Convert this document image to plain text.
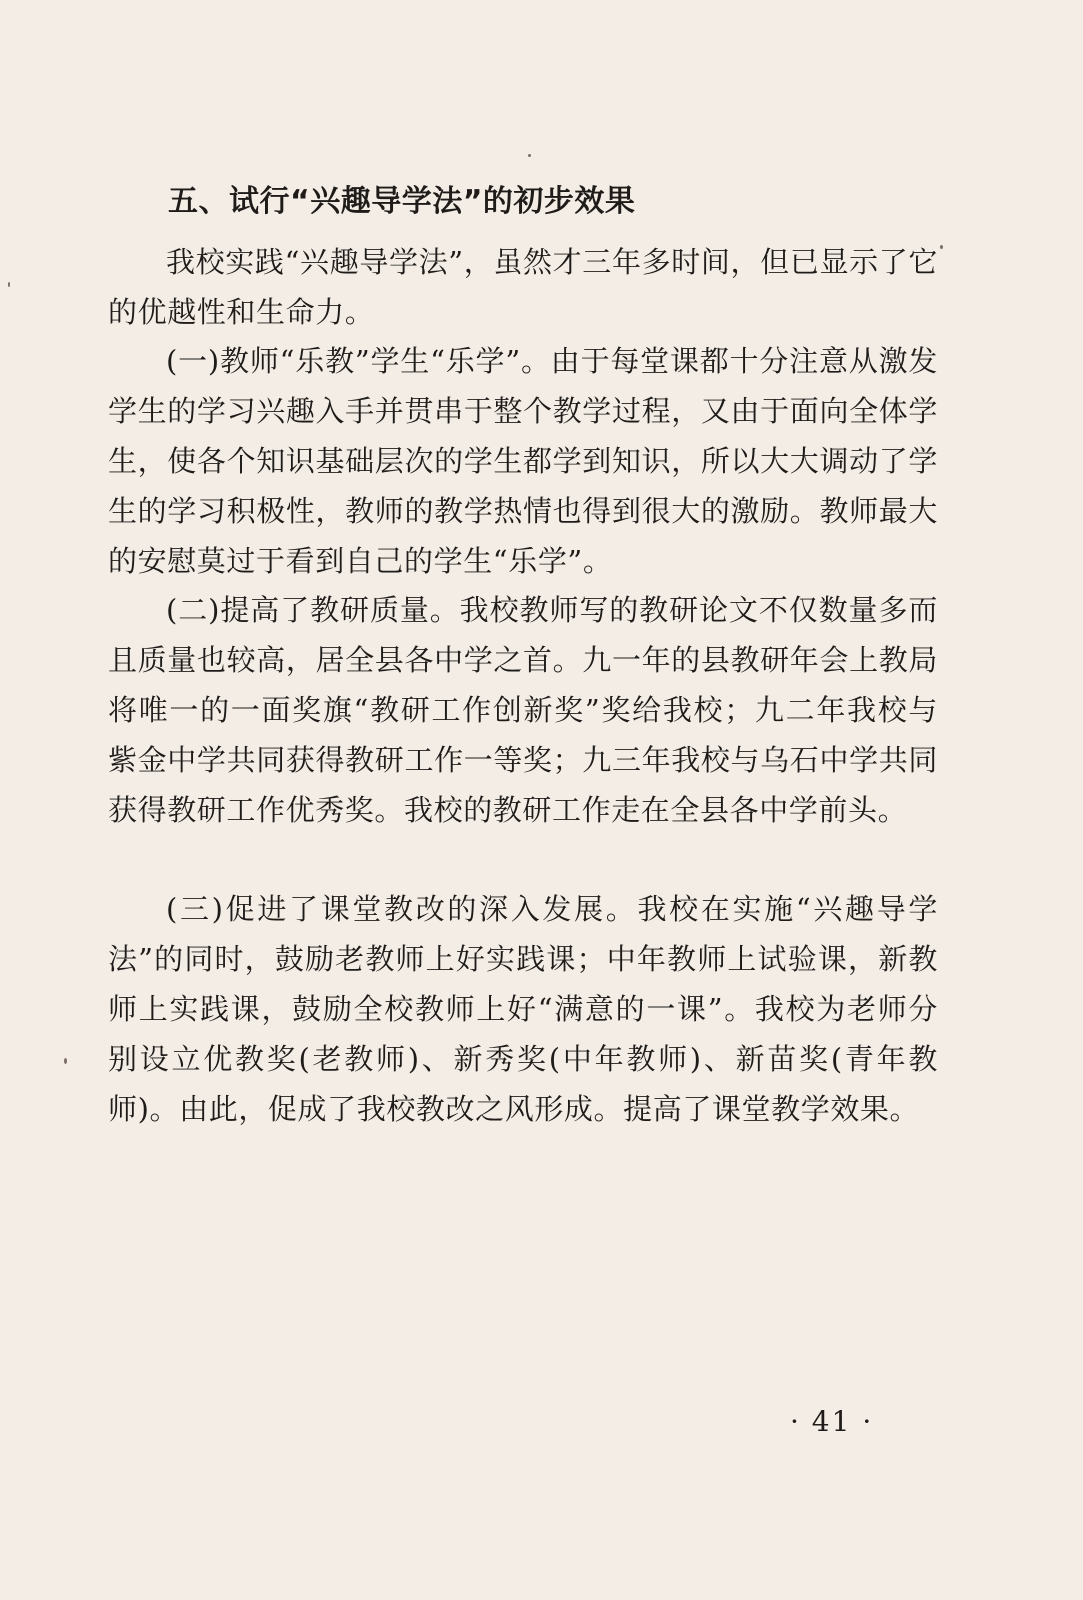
五、试行“兴趣导学法”的初步效果

我校实践“兴趣导学法”，虽然才三年多时间，但已显示了它的优越性和生命力。

(一)教师“乐教”学生“乐学”。由于每堂课都十分注意从激发学生的学习兴趣入手并贯串于整个教学过程，又由于面向全体学生，使各个知识基础层次的学生都学到知识，所以大大调动了学生的学习积极性，教师的教学热情也得到很大的激励。教师最大的安慰莫过于看到自己的学生“乐学”。

(二)提高了教研质量。我校教师写的教研论文不仅数量多而且质量也较高，居全县各中学之首。九一年的县教研年会上教局将唯一的一面奖旗“教研工作创新奖”奖给我校；九二年我校与紫金中学共同获得教研工作一等奖；九三年我校与乌石中学共同获得教研工作优秀奖。我校的教研工作走在全县各中学前头。

(三)促进了课堂教改的深入发展。我校在实施“兴趣导学法”的同时，鼓励老教师上好实践课；中年教师上试验课，新教师上实践课，鼓励全校教师上好“满意的一课”。我校为老师分别设立优教奖(老教师)、新秀奖(中年教师)、新苗奖(青年教师)。由此，促成了我校教改之风形成。提高了课堂教学效果。

· 41 ·
